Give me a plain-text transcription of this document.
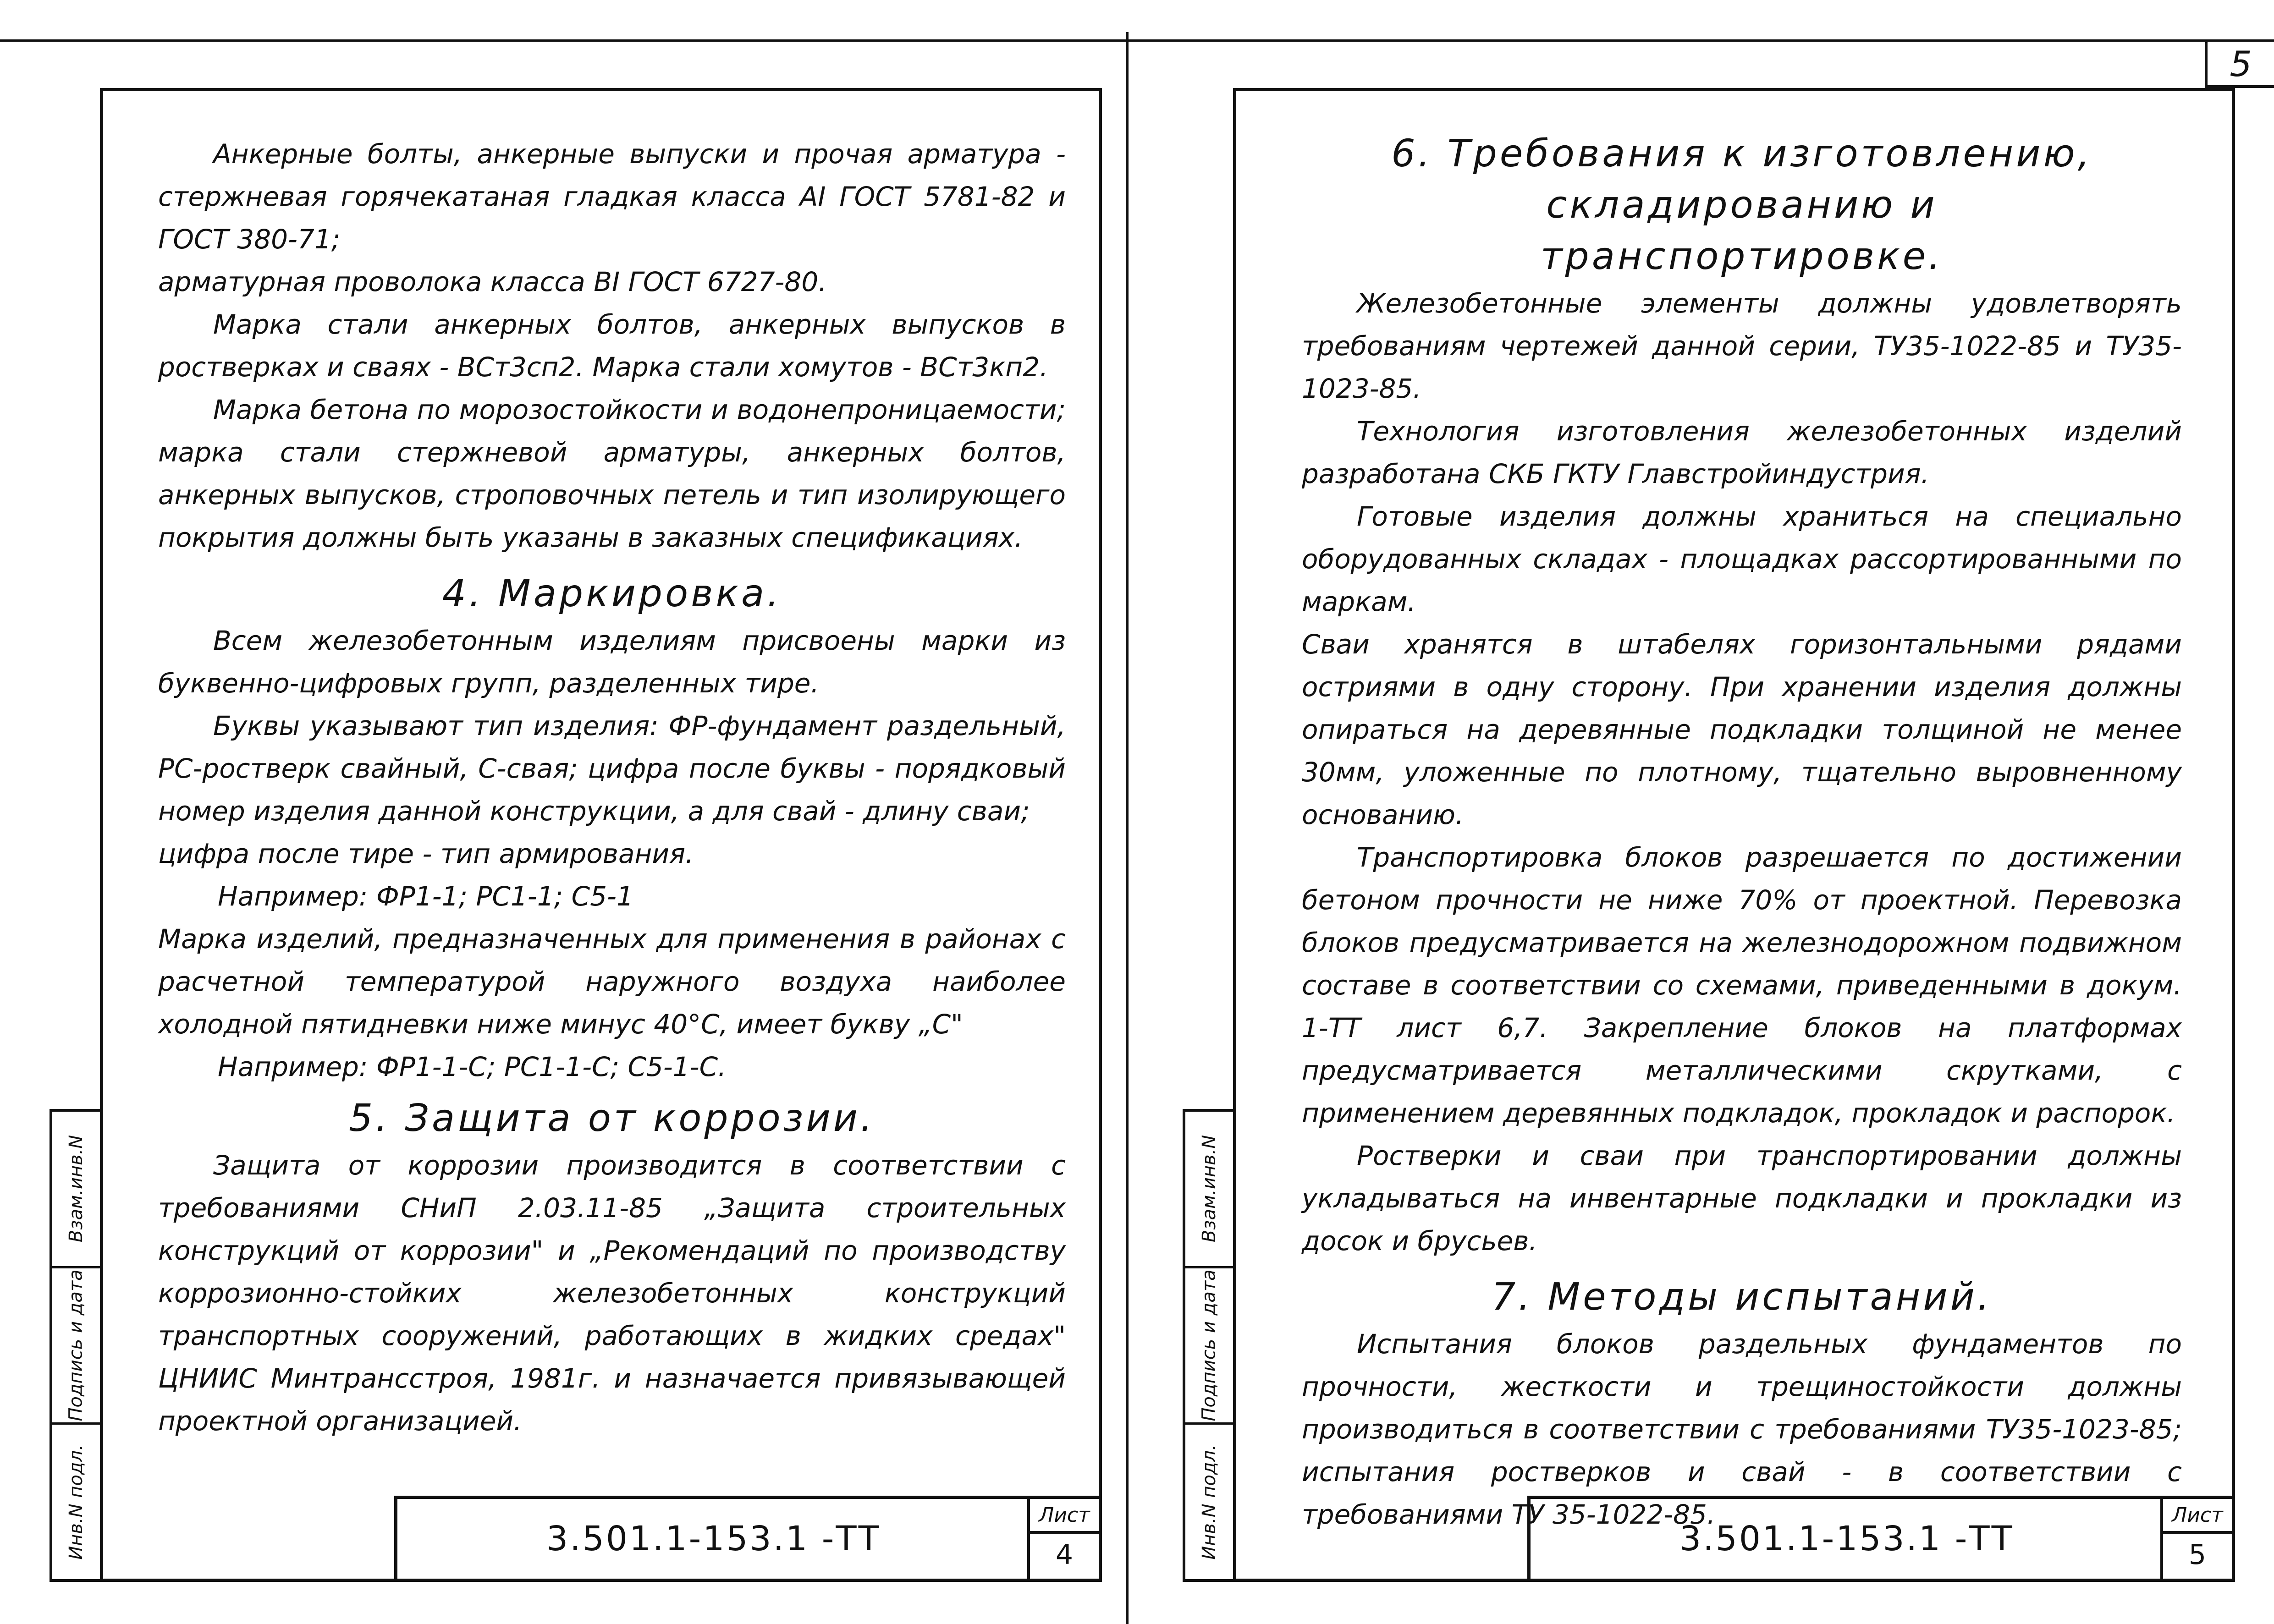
5
Взам.инв.N
Подпись и дата
Инв.N подл.	3.501.1-153.1 -ТТ
Лист
4

Анкерные болты, анкерные выпуски и прочая арматура - стержневая горячекатаная гладкая класса АI ГОСТ 5781-82 и ГОСТ 380-71;

арматурная проволока класса ВI ГОСТ 6727-80.

Марка стали анкерных болтов, анкерных выпусков в ростверках и сваях - ВСт3сп2. Марка стали хомутов - ВСт3кп2.

Марка бетона по морозостойкости и водонепроницаемости; марка стали стержневой арматуры, анкерных болтов, анкерных выпусков, строповочных петель и тип изолирующего покрытия должны быть указаны в заказных спецификациях.

4. Маркировка.

Всем железобетонным изделиям присвоены марки из буквенно-цифровых групп, разделенных тире.

Буквы указывают тип изделия: ФР-фундамент раздельный, РС-ростверк свайный, С-свая; цифра после буквы - порядковый номер изделия данной конструкции, а для свай - длину сваи;

цифра после тире - тип армирования.

Например: ФР1-1; РС1-1; С5-1

Марка изделий, предназначенных для применения в районах с расчетной температурой наружного воздуха наиболее холодной пятидневки ниже минус 40°С, имеет букву „С"

Например: ФР1-1-С; РС1-1-С; С5-1-С.

5. Защита от коррозии.

Защита от коррозии производится в соответствии с требованиями СНиП 2.03.11-85 „Защита строительных конструкций от коррозии" и „Рекомендаций по производству коррозионно-стойких железобетонных конструкций транспортных сооружений, работающих в жидких средах" ЦНИИС Минтрансстроя, 1981г. и назначается привязывающей проектной организацией.

Взам.инв.N
Подпись и дата
Инв.N подл.	3.501.1-153.1 -ТТ
Лист
5
6. Требования к изготовлению, складированию и транспортировке.

Железобетонные элементы должны удовлетворять требованиям чертежей данной серии, ТУ35-1022-85 и ТУ35-1023-85.

Технология изготовления железобетонных изделий разработана СКБ ГКТУ Главстройиндустрия.

Готовые изделия должны храниться на специально оборудованных складах - площадках рассортированными по маркам.

Сваи хранятся в штабелях горизонтальными рядами остриями в одну сторону. При хранении изделия должны опираться на деревянные подкладки толщиной не менее 30мм, уложенные по плотному, тщательно выровненному основанию.

Транспортировка блоков разрешается по достижении бетоном прочности не ниже 70% от проектной. Перевозка блоков предусматривается на железнодорожном подвижном составе в соответствии со схемами, приведенными в докум. 1-ТТ лист 6,7. Закрепление блоков на платформах предусматривается металлическими скрутками, с применением деревянных подкладок, прокладок и распорок.

Ростверки и сваи при транспортировании должны укладываться на инвентарные подкладки и прокладки из досок и брусьев.

7. Методы испытаний.

Испытания блоков раздельных фундаментов по прочности, жесткости и трещиностойкости должны производиться в соответствии с требованиями ТУ35-1023-85; испытания ростверков и свай - в соответствии с требованиями ТУ 35-1022-85.
